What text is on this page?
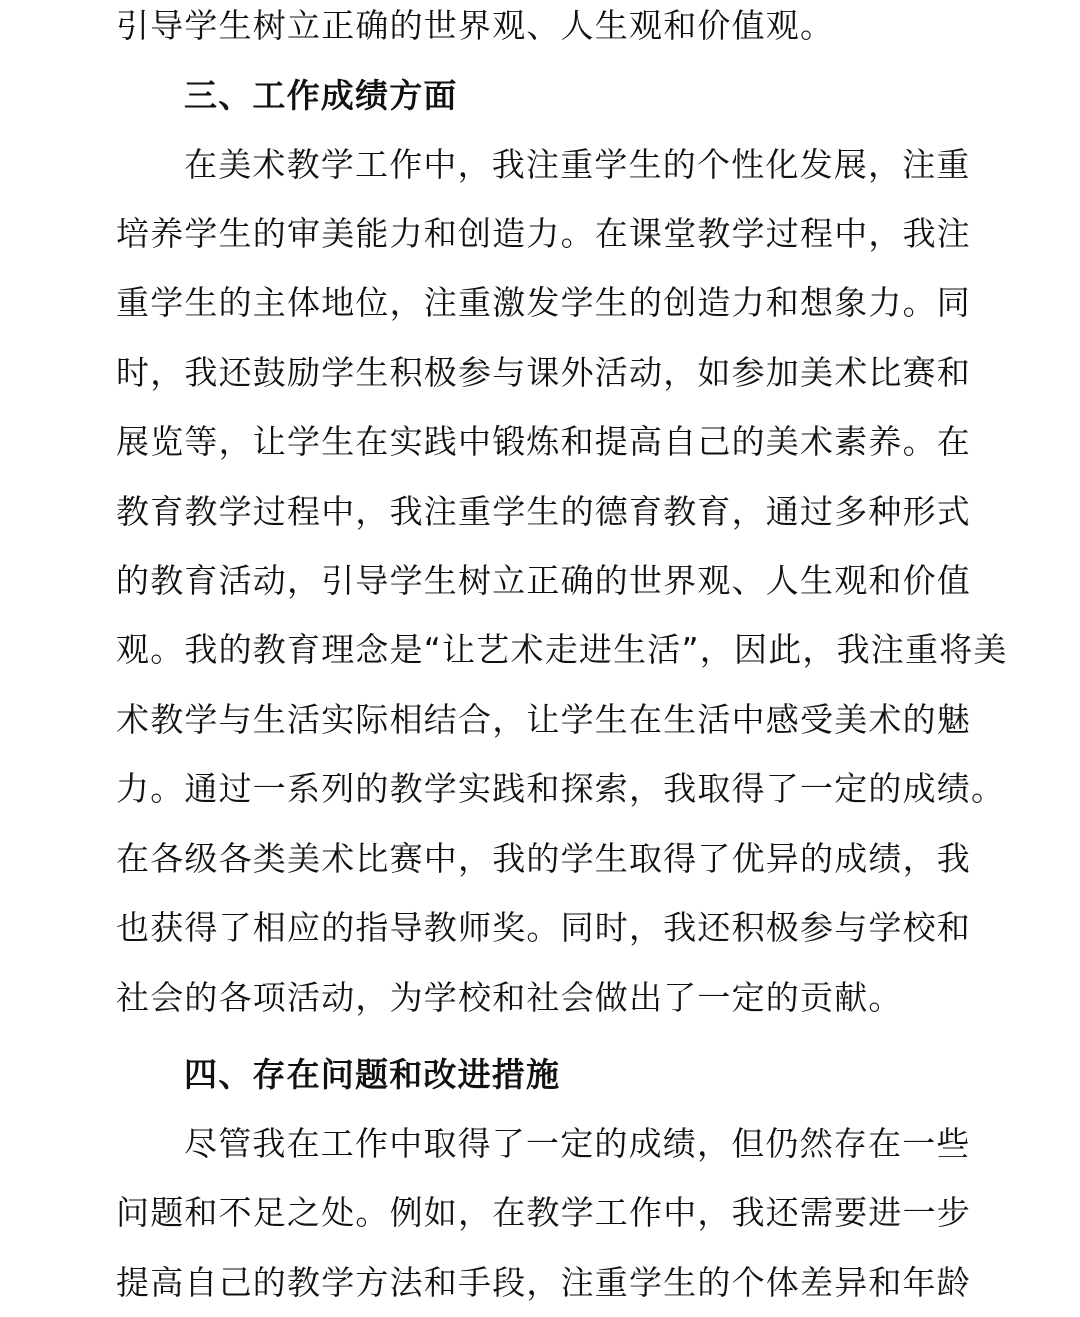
引导学生树立正确的世界观、人生观和价值观。
三、工作成绩方面
在美术教学工作中，我注重学生的个性化发展，注重
培养学生的审美能力和创造力。在课堂教学过程中，我注
重学生的主体地位，注重激发学生的创造力和想象力。同
时，我还鼓励学生积极参与课外活动，如参加美术比赛和
展览等，让学生在实践中锻炼和提高自己的美术素养。在
教育教学过程中，我注重学生的德育教育，通过多种形式
的教育活动，引导学生树立正确的世界观、人生观和价值
观。我的教育理念是“让艺术走进生活”，因此，我注重将美
术教学与生活实际相结合，让学生在生活中感受美术的魅
力。通过一系列的教学实践和探索，我取得了一定的成绩。
在各级各类美术比赛中，我的学生取得了优异的成绩，我
也获得了相应的指导教师奖。同时，我还积极参与学校和
社会的各项活动，为学校和社会做出了一定的贡献。
四、存在问题和改进措施
尽管我在工作中取得了一定的成绩，但仍然存在一些
问题和不足之处。例如，在教学工作中，我还需要进一步
提高自己的教学方法和手段，注重学生的个体差异和年龄
